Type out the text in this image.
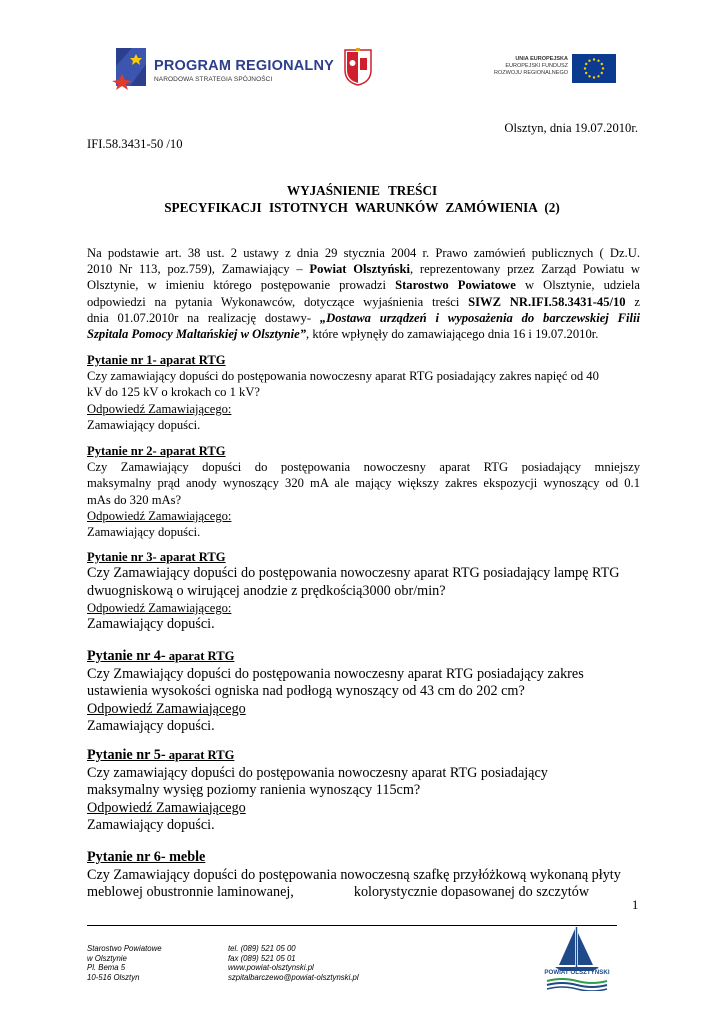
PROGRAM REGIONALNY
NARODOWA STRATEGIA SPÓJNOŚCI
UNIA EUROPEJSKA
EUROPEJSKI FUNDUSZ
ROZWOJU REGIONALNEGO
Olsztyn, dnia 19.07.2010r.
IFI.58.3431-50 /10
WYJAŚNIENIE TREŚCI
SPECYFIKACJI ISTOTNYCH WARUNKÓW ZAMÓWIENIA (2)
Na podstawie art. 38 ust. 2 ustawy z dnia 29 stycznia 2004 r. Prawo zamówień publicznych ( Dz.U.
2010 Nr 113, poz.759), Zamawiający – Powiat Olsztyński, reprezentowany przez Zarząd Powiatu w
Olsztynie, w imieniu którego postępowanie prowadzi Starostwo Powiatowe w Olsztynie, udziela
odpowiedzi na pytania Wykonawców, dotyczące wyjaśnienia treści SIWZ NR.IFI.58.3431-45/10 z
dnia 01.07.2010r na realizację dostawy- „Dostawa urządzeń i wyposażenia do barczewskiej Filii
Szpitala Pomocy Maltańskiej w Olsztynie”, które wpłynęły do zamawiającego dnia 16 i 19.07.2010r.
Pytanie nr 1- aparat RTG
Czy zamawiający dopuści do postępowania nowoczesny aparat RTG posiadający zakres napięć od 40
kV do 125 kV o krokach co 1 kV?
Odpowiedź Zamawiającego:
Zamawiający dopuści.
Pytanie nr 2- aparat RTG
Czy Zamawiający dopuści do postępowania nowoczesny aparat RTG posiadający mniejszy
maksymalny prąd anody wynoszący 320 mA ale mający większy zakres ekspozycji wynoszący od 0.1
mAs do 320 mAs?
Odpowiedź Zamawiającego:
Zamawiający dopuści.
Pytanie nr 3- aparat RTG
Czy Zamawiający dopuści do postępowania nowoczesny aparat RTG posiadający lampę RTG
dwuogniskową o wirującej anodzie z prędkością3000 obr/min?
Odpowiedź Zamawiającego:
Zamawiający dopuści.
Pytanie nr 4- aparat RTG
Czy Zmawiający dopuści do postępowania nowoczesny aparat RTG posiadający zakres
ustawienia wysokości ogniska nad podłogą wynoszący od 43 cm do 202 cm?
Odpowiedź Zamawiającego
Zamawiający dopuści.
Pytanie nr 5- aparat RTG
Czy zamawiający dopuści do postępowania nowoczesny aparat RTG posiadający
maksymalny wysięg poziomy ranienia wynoszący 115cm?
Odpowiedź Zamawiającego
Zamawiający dopuści.
Pytanie nr 6- meble
Czy Zamawiający dopuści do postępowania nowoczesną szafkę przyłóżkową wykonaną płyty
meblowej obustronnie laminowanej,	kolorystycznie dopasowanej do szczytów
1
Starostwo Powiatowe
w Olsztynie
Pl. Bema 5
10-516 Olsztyn
tel. (089) 521 05 00
fax (089) 521 05 01
www.powiat-olsztynski.pl
szpitalbarczewo@powiat-olsztynski.pl
POWIAT OLSZTYŃSKI
